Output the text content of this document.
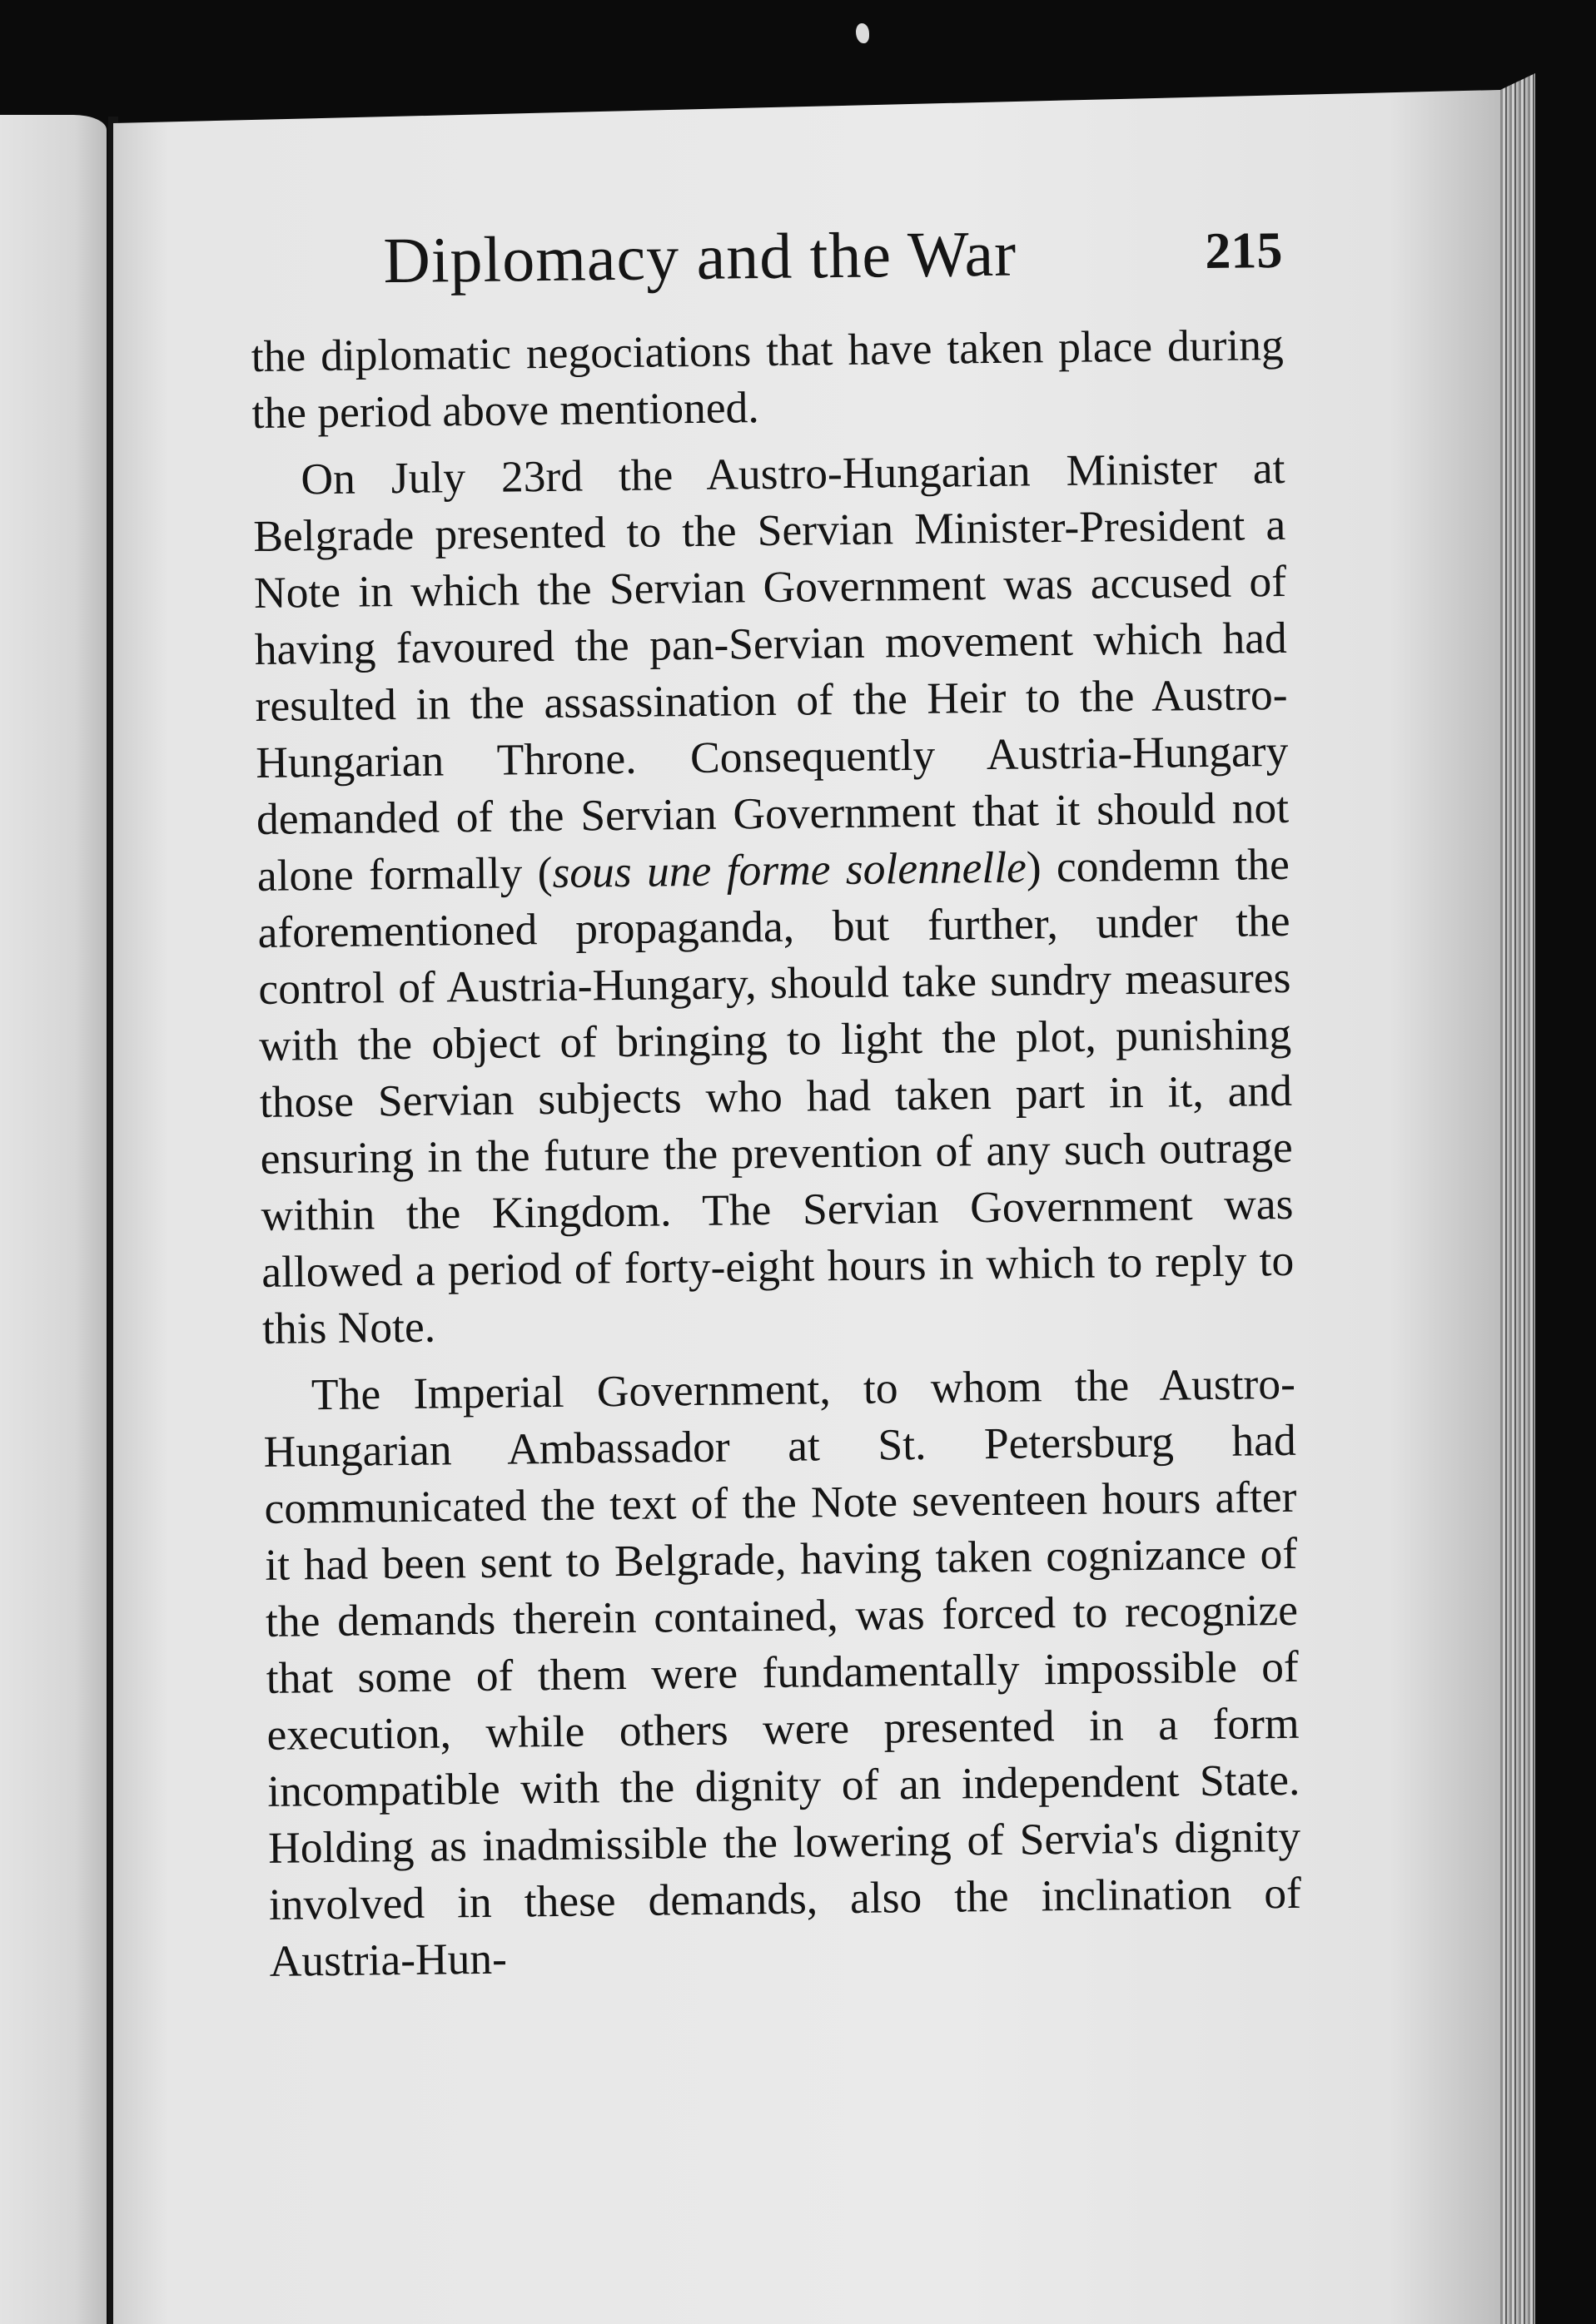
Diplomacy and the War	215

the diplomatic negociations that have taken place during the period above mentioned.

On July 23rd the Austro-Hungarian Minister at Belgrade presented to the Servian Minister-President a Note in which the Servian Government was accused of having favoured the pan-Servian movement which had resulted in the assassination of the Heir to the Austro-Hungarian Throne. Consequently Austria-Hungary demanded of the Servian Government that it should not alone formally (sous une forme solennelle) condemn the aforementioned propaganda, but further, under the control of Austria-Hungary, should take sundry measures with the object of bringing to light the plot, punishing those Servian subjects who had taken part in it, and ensuring in the future the prevention of any such outrage within the Kingdom. The Servian Government was allowed a period of forty-eight hours in which to reply to this Note.

The Imperial Government, to whom the Austro-Hungarian Ambassador at St. Petersburg had communicated the text of the Note seventeen hours after it had been sent to Belgrade, having taken cognizance of the demands therein contained, was forced to recognize that some of them were fundamentally impossible of execution, while others were presented in a form incompatible with the dignity of an independent State. Holding as inadmissible the lowering of Servia's dignity involved in these demands, also the inclination of Austria-Hun-
